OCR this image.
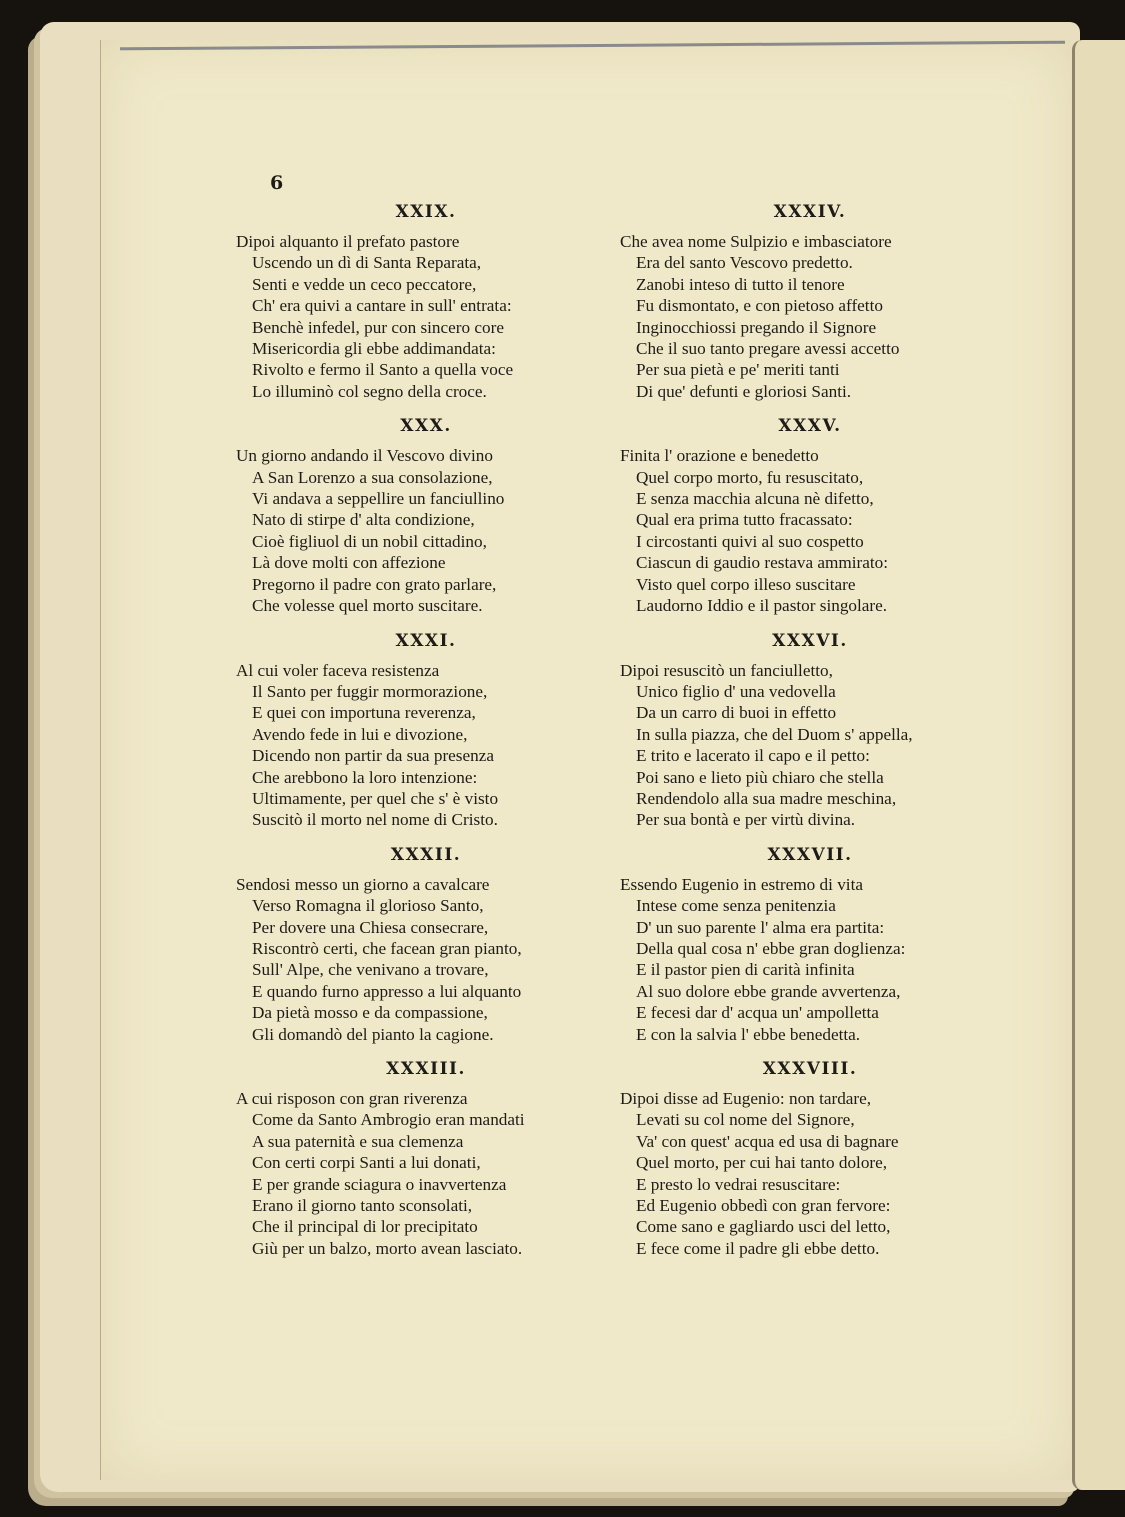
6
XXIX.
Dipoi alquanto il prefato pastore
Uscendo un dì di Santa Reparata,
Senti e vedde un ceco peccatore,
Ch' era quivi a cantare in sull' entrata:
Benchè infedel, pur con sincero core
Misericordia gli ebbe addimandata:
Rivolto e fermo il Santo a quella voce
Lo illuminò col segno della croce.
XXX.
Un giorno andando il Vescovo divino
A San Lorenzo a sua consolazione,
Vi andava a seppellire un fanciullino
Nato di stirpe d' alta condizione,
Cioè figliuol di un nobil cittadino,
Là dove molti con affezione
Pregorno il padre con grato parlare,
Che volesse quel morto suscitare.
XXXI.
Al cui voler faceva resistenza
Il Santo per fuggir mormorazione,
E quei con importuna reverenza,
Avendo fede in lui e divozione,
Dicendo non partir da sua presenza
Che arebbono la loro intenzione:
Ultimamente, per quel che s' è visto
Suscitò il morto nel nome di Cristo.
XXXII.
Sendosi messo un giorno a cavalcare
Verso Romagna il glorioso Santo,
Per dovere una Chiesa consecrare,
Riscontrò certi, che facean gran pianto,
Sull' Alpe, che venivano a trovare,
E quando furno appresso a lui alquanto
Da pietà mosso e da compassione,
Gli domandò del pianto la cagione.
XXXIII.
A cui risposon con gran riverenza
Come da Santo Ambrogio eran mandati
A sua paternità e sua clemenza
Con certi corpi Santi a lui donati,
E per grande sciagura o inavvertenza
Erano il giorno tanto sconsolati,
Che il principal di lor precipitato
Giù per un balzo, morto avean lasciato.
XXXIV.
Che avea nome Sulpizio e imbasciatore
Era del santo Vescovo predetto.
Zanobi inteso di tutto il tenore
Fu dismontato, e con pietoso affetto
Inginocchiossi pregando il Signore
Che il suo tanto pregare avessi accetto
Per sua pietà e pe' meriti tanti
Di que' defunti e gloriosi Santi.
XXXV.
Finita l' orazione e benedetto
Quel corpo morto, fu resuscitato,
E senza macchia alcuna nè difetto,
Qual era prima tutto fracassato:
I circostanti quivi al suo cospetto
Ciascun di gaudio restava ammirato:
Visto quel corpo illeso suscitare
Laudorno Iddio e il pastor singolare.
XXXVI.
Dipoi resuscitò un fanciulletto,
Unico figlio d' una vedovella
Da un carro di buoi in effetto
In sulla piazza, che del Duom s' appella,
E trito e lacerato il capo e il petto:
Poi sano e lieto più chiaro che stella
Rendendolo alla sua madre meschina,
Per sua bontà e per virtù divina.
XXXVII.
Essendo Eugenio in estremo di vita
Intese come senza penitenzia
D' un suo parente l' alma era partita:
Della qual cosa n' ebbe gran doglienza:
E il pastor pien di carità infinita
Al suo dolore ebbe grande avvertenza,
E fecesi dar d' acqua un' ampolletta
E con la salvia l' ebbe benedetta.
XXXVIII.
Dipoi disse ad Eugenio: non tardare,
Levati su col nome del Signore,
Va' con quest' acqua ed usa di bagnare
Quel morto, per cui hai tanto dolore,
E presto lo vedrai resuscitare:
Ed Eugenio obbedì con gran fervore:
Come sano e gagliardo usci del letto,
E fece come il padre gli ebbe detto.
